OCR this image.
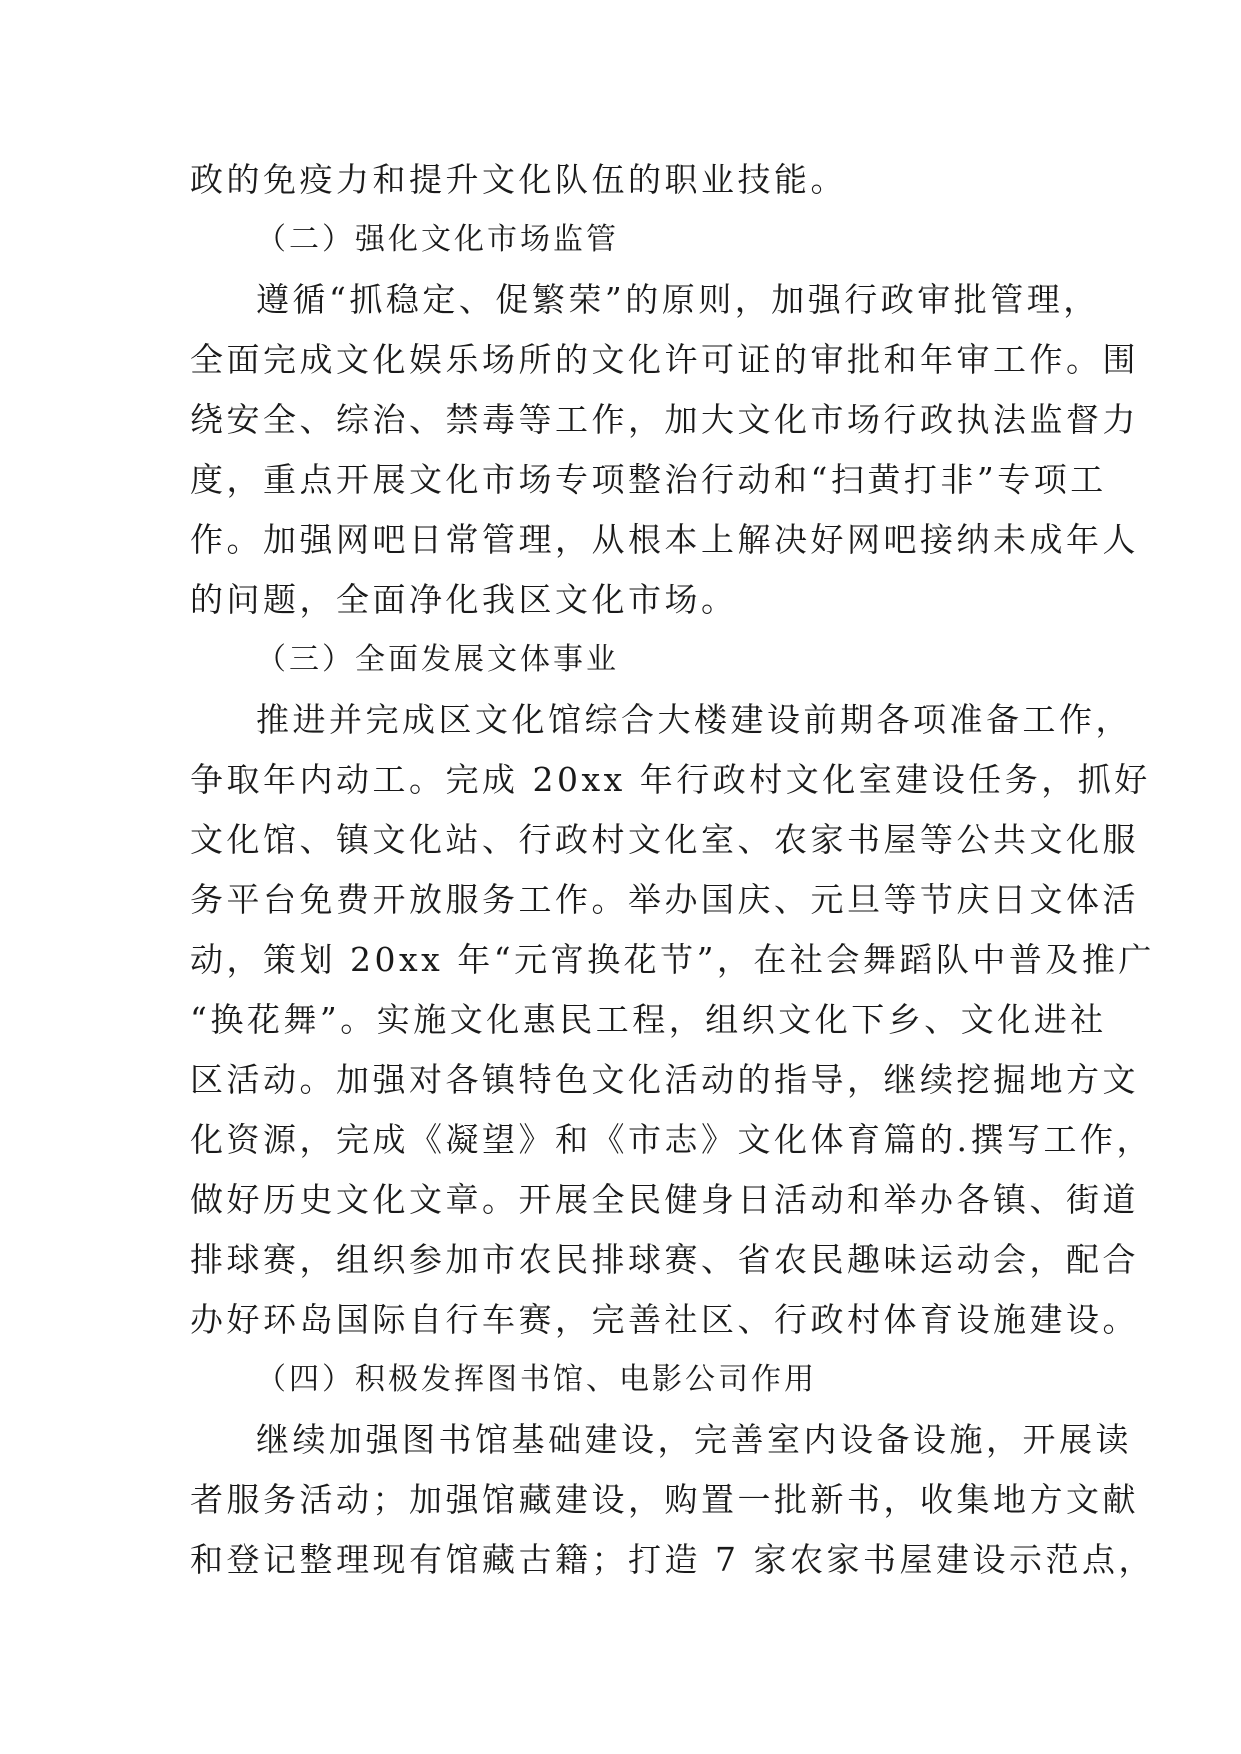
政的免疫力和提升文化队伍的职业技能。
（二）强化文化市场监管
遵循“抓稳定、促繁荣”的原则，加强行政审批管理，
全面完成文化娱乐场所的文化许可证的审批和年审工作。围
绕安全、综治、禁毒等工作，加大文化市场行政执法监督力
度，重点开展文化市场专项整治行动和“扫黄打非”专项工
作。加强网吧日常管理，从根本上解决好网吧接纳未成年人
的问题，全面净化我区文化市场。
（三）全面发展文体事业
推进并完成区文化馆综合大楼建设前期各项准备工作，
争取年内动工。完成 20xx 年行政村文化室建设任务，抓好
文化馆、镇文化站、行政村文化室、农家书屋等公共文化服
务平台免费开放服务工作。举办国庆、元旦等节庆日文体活
动，策划 20xx 年“元宵换花节”，在社会舞蹈队中普及推广
“换花舞”。实施文化惠民工程，组织文化下乡、文化进社
区活动。加强对各镇特色文化活动的指导，继续挖掘地方文
化资源，完成《凝望》和《市志》文化体育篇的.撰写工作，
做好历史文化文章。开展全民健身日活动和举办各镇、街道
排球赛，组织参加市农民排球赛、省农民趣味运动会，配合
办好环岛国际自行车赛，完善社区、行政村体育设施建设。
（四）积极发挥图书馆、电影公司作用
继续加强图书馆基础建设，完善室内设备设施，开展读
者服务活动；加强馆藏建设，购置一批新书，收集地方文献
和登记整理现有馆藏古籍；打造 7 家农家书屋建设示范点，
